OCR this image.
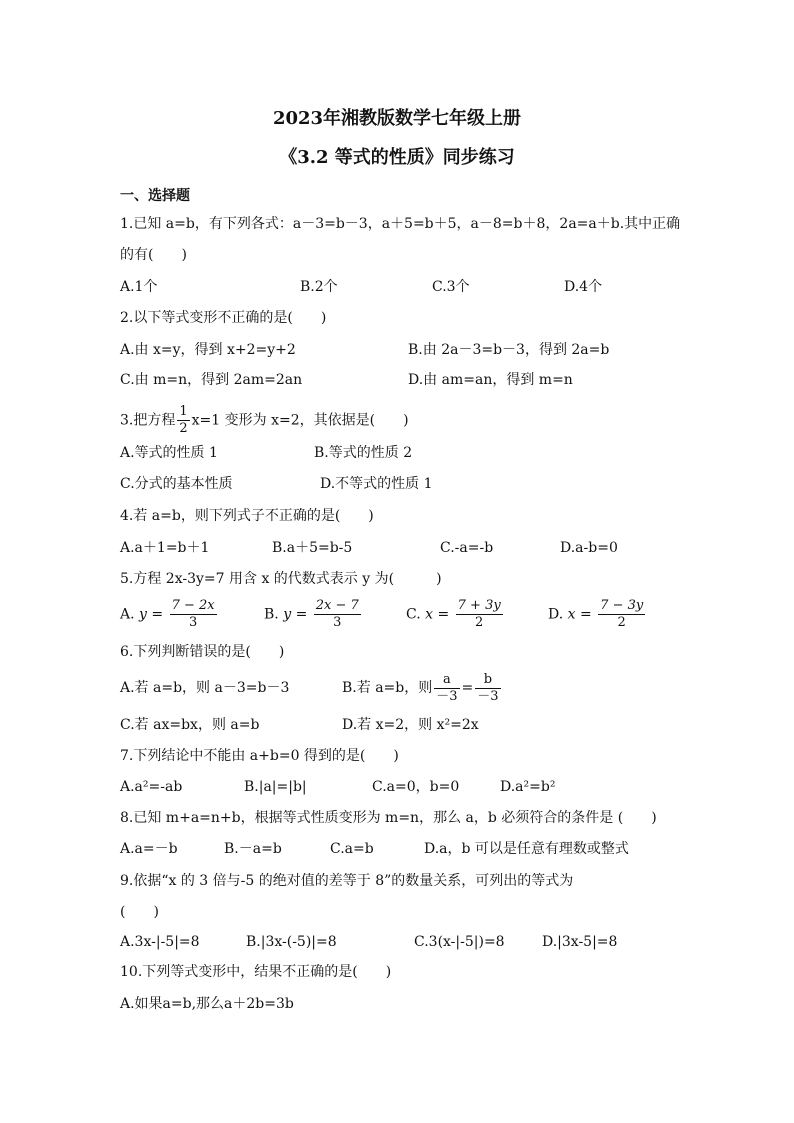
2023年湘教版数学七年级上册
《3.2 等式的性质》同步练习
一、选择题
1.已知 a=b，有下列各式：a－3=b－3，a＋5=b＋5，a－8=b＋8，2a=a＋b.其中正确
的有(　　)
A.1个	B.2个	C.3个	D.4个
2.以下等式变形不正确的是(　　)
A.由 x=y，得到 x+2=y+2	B.由 2a－3=b－3，得到 2a=b
C.由 m=n，得到 2am=2an	D.由 am=an，得到 m=n
3.把方程 $\frac{1}{2} x=1$ 变形为 x=2，其依据是(　　)
A.等式的性质 1	B.等式的性质 2
C.分式的基本性质	D.不等式的性质 1
4.若 a=b，则下列式子不正确的是(　　)
A.a＋1=b＋1	B.a＋5=b-5	C.-a=-b	D.a-b=0
5.方程 2x-3y=7 用含 x 的代数式表示 y 为(　　　)
A. $y = \frac{7 - 2x}{3}$	B. $y = \frac{2x - 7}{3}$	C. $x = \frac{7 + 3y}{2}$	D. $x = \frac{7 - 3y}{2}$
6.下列判断错误的是(　　)
A.若 a=b，则 a－3=b－3	B.若 a=b，则 $\frac{a}{-3} = \frac{b}{-3}$
C.若 ax=bx，则 a=b	D.若 x=2，则 x²=2x
7.下列结论中不能由 a+b=0 得到的是(　　)
A.a²=-ab	B.|a|=|b|	C.a=0，b=0	D.a²=b²
8.已知 m+a=n+b，根据等式性质变形为 m=n，那么 a，b 必须符合的条件是 (　　)
A.a=－b	B.－a=b	C.a=b	D.a，b 可以是任意有理数或整式
9.依据“x 的 3 倍与-5 的绝对值的差等于 8”的数量关系，可列出的等式为
(　　)
A.3x-|-5|=8	B.|3x-(-5)|=8	C.3(x-|-5|)=8	D.|3x-5|=8
10.下列等式变形中，结果不正确的是(　　)
A.如果a=b,那么a＋2b=3b
